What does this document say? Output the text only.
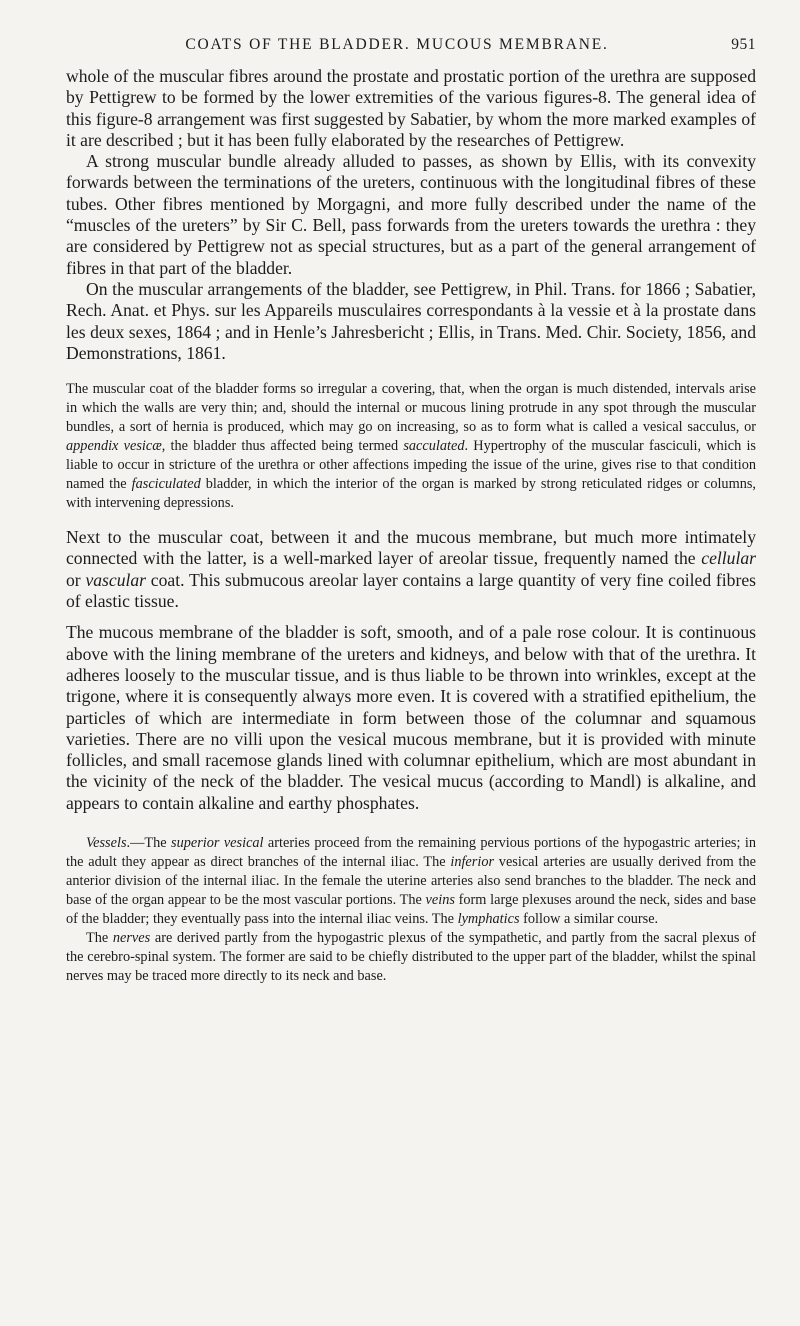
COATS OF THE BLADDER. MUCOUS MEMBRANE.	951

whole of the muscular fibres around the prostate and prostatic portion of the urethra are supposed by Pettigrew to be formed by the lower extremities of the various figures-8. The general idea of this figure-8 arrangement was first suggested by Sabatier, by whom the more marked examples of it are described ; but it has been fully elaborated by the researches of Pettigrew.

A strong muscular bundle already alluded to passes, as shown by Ellis, with its convexity forwards between the terminations of the ureters, continuous with the longitudinal fibres of these tubes. Other fibres mentioned by Morgagni, and more fully described under the name of the “muscles of the ureters” by Sir C. Bell, pass forwards from the ureters towards the urethra : they are considered by Pettigrew not as special structures, but as a part of the general arrangement of fibres in that part of the bladder.

On the muscular arrangements of the bladder, see Pettigrew, in Phil. Trans. for 1866 ; Sabatier, Rech. Anat. et Phys. sur les Appareils musculaires correspondants à la vessie et à la prostate dans les deux sexes, 1864 ; and in Henle’s Jahresbericht ; Ellis, in Trans. Med. Chir. Society, 1856, and Demonstrations, 1861.

The muscular coat of the bladder forms so irregular a covering, that, when the organ is much distended, intervals arise in which the walls are very thin; and, should the internal or mucous lining protrude in any spot through the muscular bundles, a sort of hernia is produced, which may go on increasing, so as to form what is called a vesical sacculus, or appendix vesicæ, the bladder thus affected being termed sacculated. Hypertrophy of the muscular fasciculi, which is liable to occur in stricture of the urethra or other affections impeding the issue of the urine, gives rise to that condition named the fasciculated bladder, in which the interior of the organ is marked by strong reticulated ridges or columns, with intervening depressions.

Next to the muscular coat, between it and the mucous membrane, but much more intimately connected with the latter, is a well-marked layer of areolar tissue, frequently named the cellular or vascular coat. This submucous areolar layer contains a large quantity of very fine coiled fibres of elastic tissue.

The mucous membrane of the bladder is soft, smooth, and of a pale rose colour. It is continuous above with the lining membrane of the ureters and kidneys, and below with that of the urethra. It adheres loosely to the muscular tissue, and is thus liable to be thrown into wrinkles, except at the trigone, where it is consequently always more even. It is covered with a stratified epithelium, the particles of which are intermediate in form between those of the columnar and squamous varieties. There are no villi upon the vesical mucous membrane, but it is provided with minute follicles, and small racemose glands lined with columnar epithelium, which are most abundant in the vicinity of the neck of the bladder. The vesical mucus (according to Mandl) is alkaline, and appears to contain alkaline and earthy phosphates.

Vessels.—The superior vesical arteries proceed from the remaining pervious portions of the hypogastric arteries; in the adult they appear as direct branches of the internal iliac. The inferior vesical arteries are usually derived from the anterior division of the internal iliac. In the female the uterine arteries also send branches to the bladder. The neck and base of the organ appear to be the most vascular portions. The veins form large plexuses around the neck, sides and base of the bladder; they eventually pass into the internal iliac veins. The lymphatics follow a similar course.

The nerves are derived partly from the hypogastric plexus of the sympathetic, and partly from the sacral plexus of the cerebro-spinal system. The former are said to be chiefly distributed to the upper part of the bladder, whilst the spinal nerves may be traced more directly to its neck and base.
